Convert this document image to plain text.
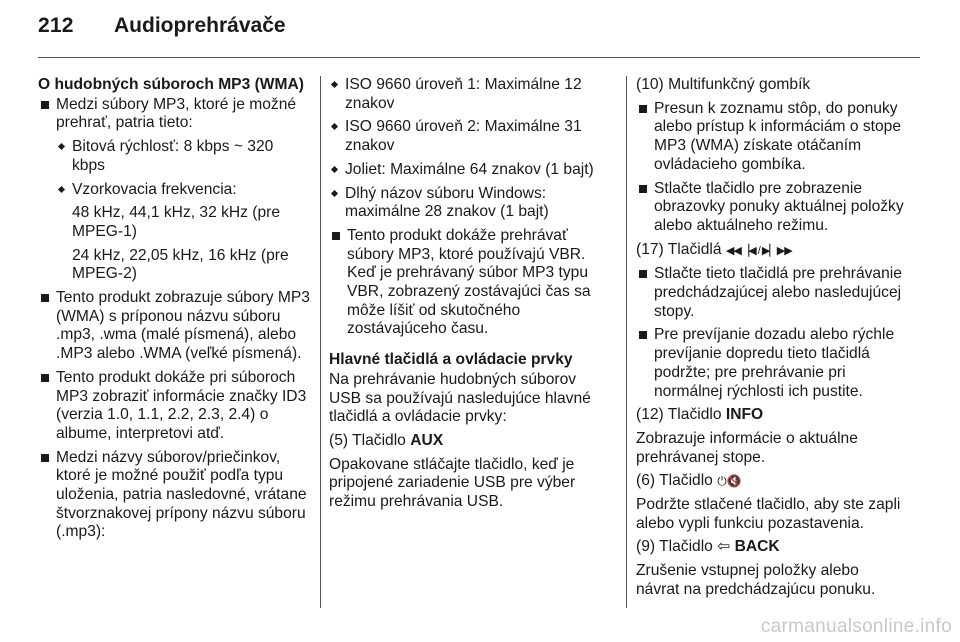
212 Audioprehrávače

O hudobných súboroch MP3 (WMA)

Medzi súbory MP3, ktoré je možné prehrať, patria tieto:
Bitová rýchlosť: 8 kbps ~ 320 kbps
Vzorkovacia frekvencia:
48 kHz, 44,1 kHz, 32 kHz (pre MPEG-1)
24 kHz, 22,05 kHz, 16 kHz (pre MPEG-2)
Tento produkt zobrazuje súbory MP3 (WMA) s príponou názvu súboru .mp3, .wma (malé písmená), alebo .MP3 alebo .WMA (veľké písmená).
Tento produkt dokáže pri súboroch MP3 zobraziť informácie značky ID3 (verzia 1.0, 1.1, 2.2, 2.3, 2.4) o albume, interpretovi atď.
Medzi názvy súborov/priečinkov, ktoré je možné použiť podľa typu uloženia, patria nasledovné, vrátane štvorznakovej prípony názvu súboru (.mp3):
ISO 9660 úroveň 1: Maximálne 12 znakov
ISO 9660 úroveň 2: Maximálne 31 znakov
Joliet: Maximálne 64 znakov (1 bajt)
Dlhý názov súboru Windows: maximálne 28 znakov (1 bajt)
Tento produkt dokáže prehrávať súbory MP3, ktoré používajú VBR. Keď je prehrávaný súbor MP3 typu VBR, zobrazený zostávajúci čas sa môže líšiť od skutočného zostávajúceho času.

Hlavné tlačidlá a ovládacie prvky

Na prehrávanie hudobných súborov USB sa používajú nasledujúce hlavné tlačidlá a ovládacie prvky:

(5) Tlačidlo AUX

Opakovane stláčajte tlačidlo, keď je pripojené zariadenie USB pre výber režimu prehrávania USB.

(10) Multifunkčný gombík

Presun k zoznamu stôp, do ponuky alebo prístup k informáciám o stope MP3 (WMA) získate otáčaním ovládacieho gombíka.
Stlačte tlačidlo pre zobrazenie obrazovky ponuky aktuálnej položky alebo aktuálneho režimu.

(17) Tlačidlá ◀◀▕◀ / ▶▏▶▶

Stlačte tieto tlačidlá pre prehrávanie predchádzajúcej alebo nasledujúcej stopy.
Pre prevíjanie dozadu alebo rýchle prevíjanie dopredu tieto tlačidlá podržte; pre prehrávanie pri normálnej rýchlosti ich pustite.

(12) Tlačidlo INFO

Zobrazuje informácie o aktuálne prehrávanej stope.

(6) Tlačidlo ⏻🔇

Podržte stlačené tlačidlo, aby ste zapli alebo vypli funkciu pozastavenia.

(9) Tlačidlo ⇦ BACK

Zrušenie vstupnej položky alebo návrat na predchádzajúcu ponuku.

carmanualsonline.info
